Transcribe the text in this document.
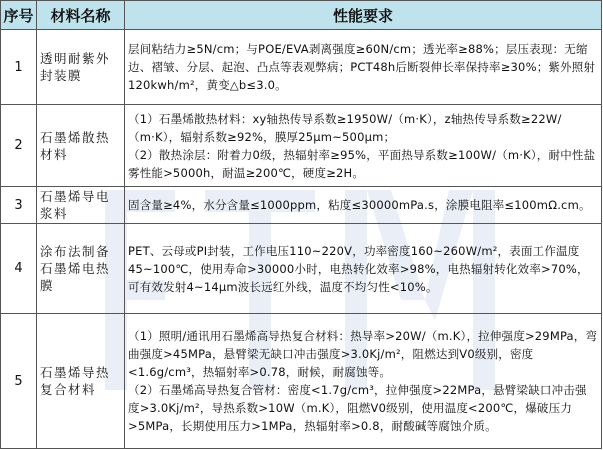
序号	材料名称	性能要求
1	透明耐紫外封装膜	层间粘结力≥5N/cm；与POE/EVA剥离强度≥60N/cm；透光率≥88%；层压表现：无缩边、褶皱、分层、起泡、凸点等表观弊病；PCT48h后断裂伸长率保持率≥30%；紫外照射120kwh/m²，黄变△b≤3.0。

2	石墨烯散热材料	（1）石墨烯散热材料：xy轴热传导系数≥1950W/（m·K），z轴热传导系数≥22W/（m·K），辐射系数≥92%，膜厚25μm~500μm；

（2）散热涂层：附着力0级，热辐射率≥95%，平面热导系数≥100W/（m·K），耐中性盐雾性能>5000h，耐温≥200℃，硬度≥2H。

3	石墨烯导电浆料	固含量≥4%，水分含量≤1000ppm，粘度≤30000mPa.s，涂膜电阻率≤100mΩ.cm。

4	涂布法制备石墨烯电热膜	PET、云母或PI封装，工作电压110~220V，功率密度160~260W/m²，表面工作温度45~100℃，使用寿命>30000小时，电热转化效率>98%，电热辐射转化效率>70%，可有效发射4~14μm波长远红外线，温度不均匀性<10%。

5	石墨烯导热复合材料	（1）照明/通讯用石墨烯高导热复合材料：热导率>20W/（m.K），拉伸强度>29MPa，弯曲强度>45MPa，悬臂梁无缺口冲击强度>3.0Kj/m²，阻燃达到V0级别，密度<1.6g/cm³，热辐射率>0.78，耐候，耐腐蚀等。

（2）石墨烯高导热复合管材：密度<1.7g/cm³，拉伸强度>22MPa，悬臂梁缺口冲击强度>3.0Kj/m²，导热系数>10W（m.K），阻燃V0级别，使用温度<200℃，爆破压力>5MPa，长期使用压力>1MPa，热辐射率>0.8，耐酸碱等腐蚀介质。
